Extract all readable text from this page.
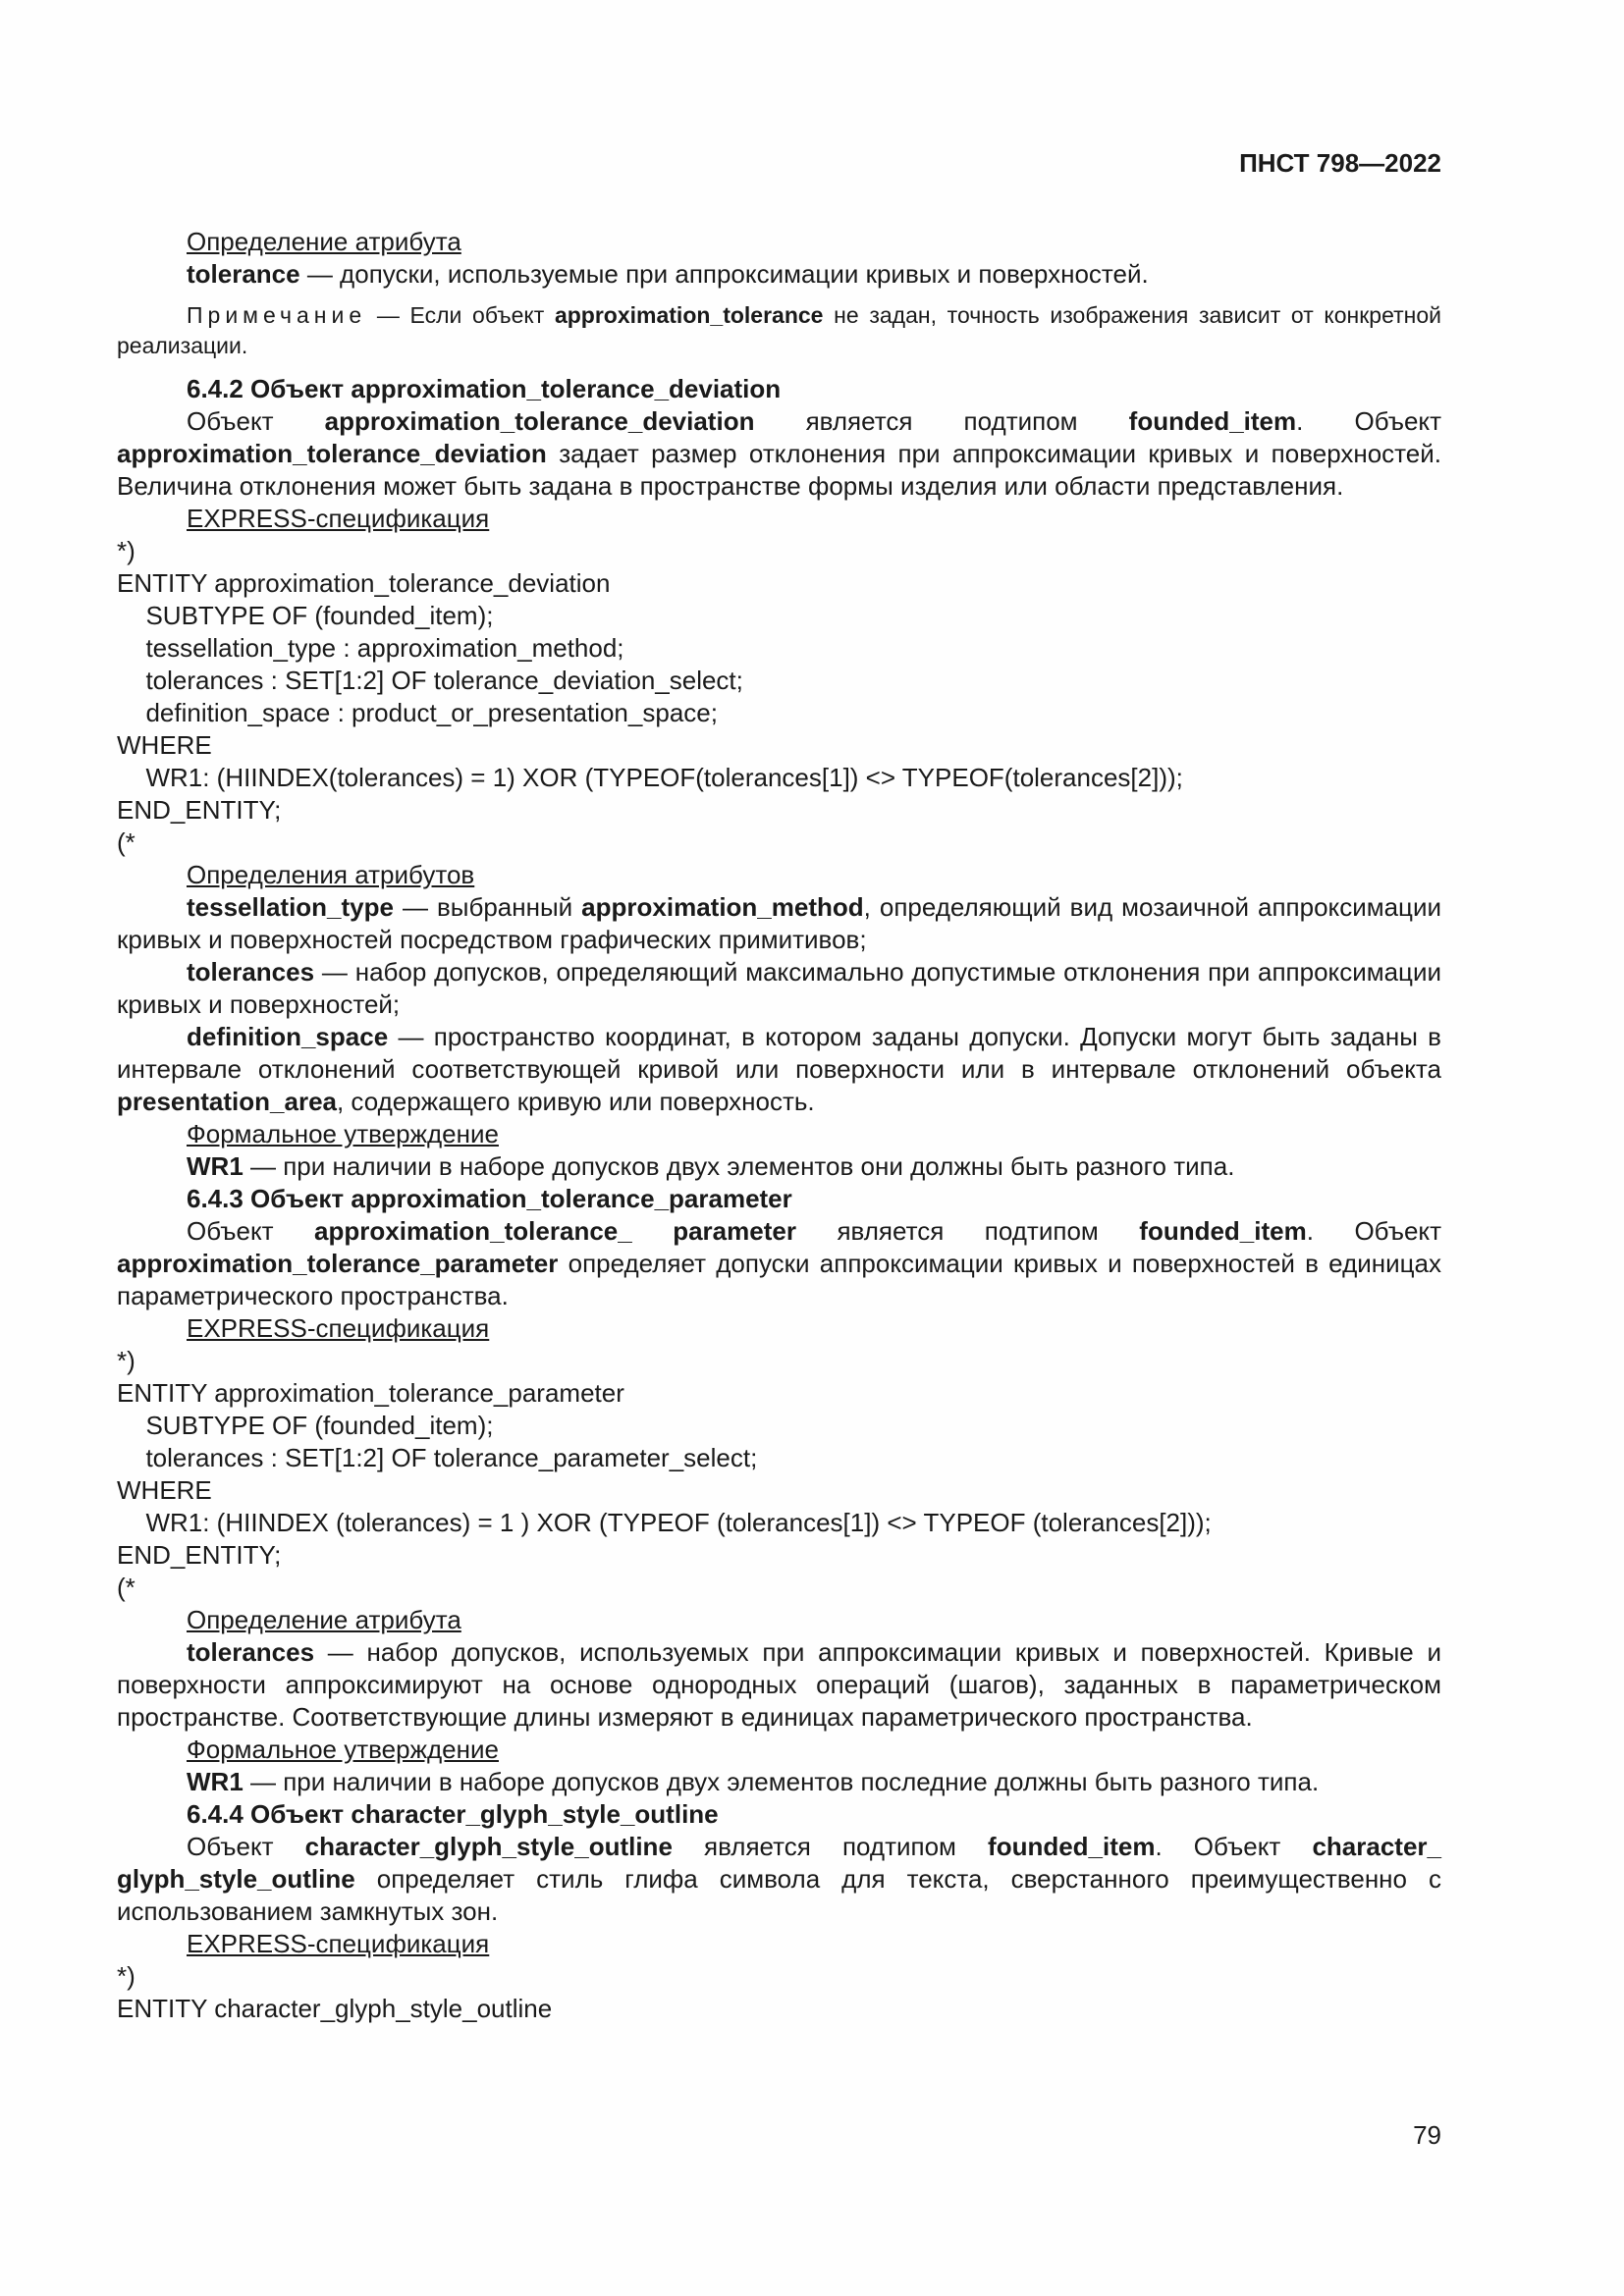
ПНСТ 798—2022

Определение атрибута

tolerance — допуски, используемые при аппроксимации кривых и поверхностей.

Примечание — Если объект approximation_tolerance не задан, точность изображения зависит от конкретной реализации.

6.4.2 Объект approximation_tolerance_deviation

Объект approximation_tolerance_deviation является подтипом founded_item. Объект approximation_tolerance_deviation задает размер отклонения при аппроксимации кривых и поверхностей. Величина отклонения может быть задана в пространстве формы изделия или области представления.

EXPRESS-спецификация

*)

ENTITY approximation_tolerance_deviation

SUBTYPE OF (founded_item);

tessellation_type : approximation_method;

tolerances : SET[1:2] OF tolerance_deviation_select;

definition_space : product_or_presentation_space;

WHERE

WR1: (HIINDEX(tolerances) = 1) XOR (TYPEOF(tolerances[1]) <> TYPEOF(tolerances[2]));

END_ENTITY;

(*

Определения атрибутов

tessellation_type — выбранный approximation_method, определяющий вид мозаичной аппроксимации кривых и поверхностей посредством графических примитивов;

tolerances — набор допусков, определяющий максимально допустимые отклонения при аппроксимации кривых и поверхностей;

definition_space — пространство координат, в котором заданы допуски. Допуски могут быть заданы в интервале отклонений соответствующей кривой или поверхности или в интервале отклонений объекта presentation_area, содержащего кривую или поверхность.

Формальное утверждение

WR1 — при наличии в наборе допусков двух элементов они должны быть разного типа.

6.4.3 Объект approximation_tolerance_parameter

Объект approximation_tolerance_ parameter является подтипом founded_item. Объект approximation_tolerance_parameter определяет допуски аппроксимации кривых и поверхностей в единицах параметрического пространства.

EXPRESS-спецификация

*)

ENTITY approximation_tolerance_parameter

SUBTYPE OF (founded_item);

tolerances : SET[1:2] OF tolerance_parameter_select;

WHERE

WR1: (HIINDEX (tolerances) = 1 ) XOR (TYPEOF (tolerances[1]) <> TYPEOF (tolerances[2]));

END_ENTITY;

(*

Определение атрибута

tolerances — набор допусков, используемых при аппроксимации кривых и поверхностей. Кривые и поверхности аппроксимируют на основе однородных операций (шагов), заданных в параметрическом пространстве. Соответствующие длины измеряют в единицах параметрического пространства.

Формальное утверждение

WR1 — при наличии в наборе допусков двух элементов последние должны быть разного типа.

6.4.4 Объект character_glyph_style_outline

Объект character_glyph_style_outline является подтипом founded_item. Объект character_ glyph_style_outline определяет стиль глифа символа для текста, сверстанного преимущественно с использованием замкнутых зон.

EXPRESS-спецификация

*)

ENTITY character_glyph_style_outline

79
